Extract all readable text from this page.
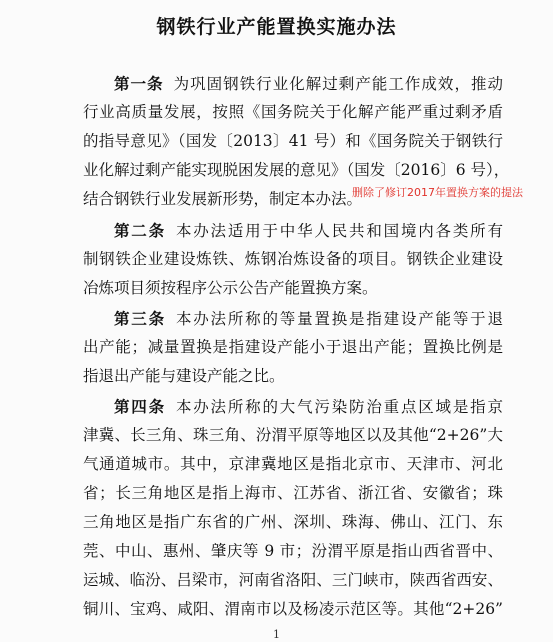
钢铁行业产能置换实施办法
第一条 为巩固钢铁行业化解过剩产能工作成效，推动
行业高质量发展，按照《国务院关于化解产能严重过剩矛盾
的指导意见》（国发〔2013〕41 号）和《国务院关于钢铁行
业化解过剩产能实现脱困发展的意见》（国发〔2016〕6 号），
结合钢铁行业发展新形势，制定本办法。
删除了修订2017年置换方案的提法
第二条 本办法适用于中华人民共和国境内各类所有
制钢铁企业建设炼铁、炼钢冶炼设备的项目。钢铁企业建设
冶炼项目须按程序公示公告产能置换方案。
第三条 本办法所称的等量置换是指建设产能等于退
出产能；减量置换是指建设产能小于退出产能；置换比例是
指退出产能与建设产能之比。
第四条 本办法所称的大气污染防治重点区域是指京
津冀、长三角、珠三角、汾渭平原等地区以及其他“2+26”大
气通道城市。其中，京津冀地区是指北京市、天津市、河北
省；长三角地区是指上海市、江苏省、浙江省、安徽省；珠
三角地区是指广东省的广州、深圳、珠海、佛山、江门、东
莞、中山、惠州、肇庆等 9 市；汾渭平原是指山西省晋中、
运城、临汾、吕梁市，河南省洛阳、三门峡市，陕西省西安、
铜川、宝鸡、咸阳、渭南市以及杨凌示范区等。其他“2+26”
1
